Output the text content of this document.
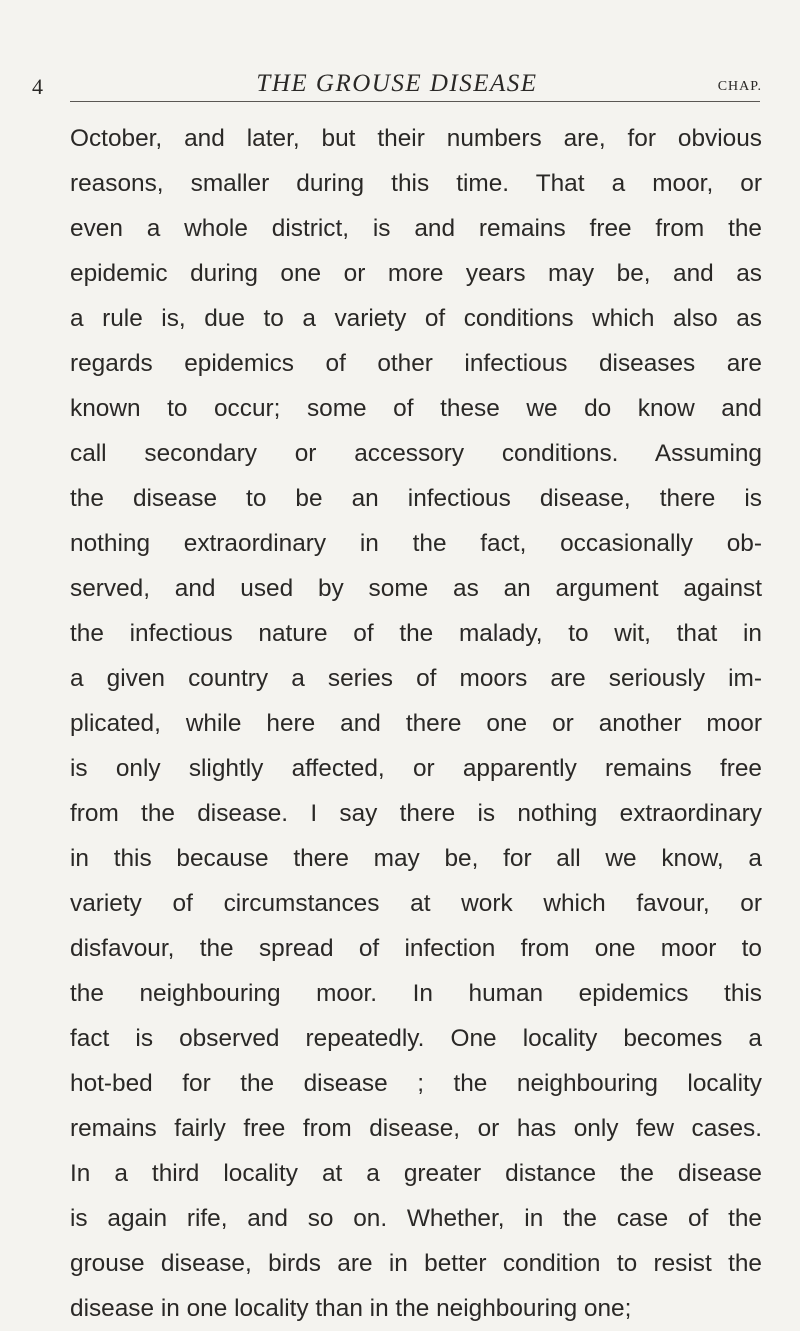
4	THE GROUSE DISEASE	CHAP.
October, and later, but their numbers are, for obvious
reasons, smaller during this time. That a moor, or
even a whole district, is and remains free from the
epidemic during one or more years may be, and as
a rule is, due to a variety of conditions which also as
regards epidemics of other infectious diseases are
known to occur; some of these we do know and
call secondary or accessory conditions. Assuming
the disease to be an infectious disease, there is
nothing extraordinary in the fact, occasionally ob-
served, and used by some as an argument against
the infectious nature of the malady, to wit, that in
a given country a series of moors are seriously im-
plicated, while here and there one or another moor
is only slightly affected, or apparently remains free
from the disease. I say there is nothing extraordinary
in this because there may be, for all we know, a
variety of circumstances at work which favour, or
disfavour, the spread of infection from one moor to
the neighbouring moor. In human epidemics this
fact is observed repeatedly. One locality becomes a
hot-bed for the disease ; the neighbouring locality
remains fairly free from disease, or has only few cases.
In a third locality at a greater distance the disease
is again rife, and so on. Whether, in the case of the
grouse disease, birds are in better condition to resist the
disease in one locality than in the neighbouring one;
